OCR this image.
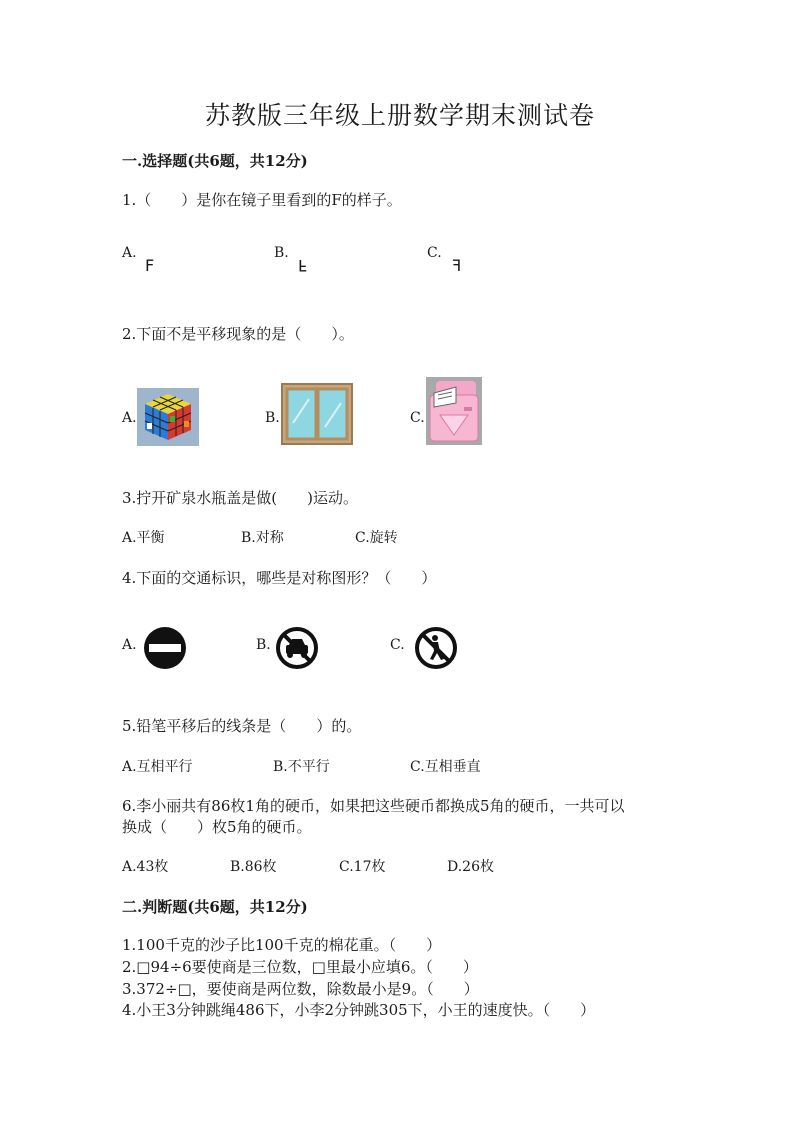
苏教版三年级上册数学期末测试卷
一.选择题(共6题，共12分)
1.（　　）是你在镜子里看到的F的样子。
A.
F
B.
F
C.
F
2.下面不是平移现象的是（　　）。
A.	B.	C.
3.拧开矿泉水瓶盖是做(　　)运动。
A.平衡	B.对称	C.旋转
4.下面的交通标识，哪些是对称图形？（　　）
A.	B.	C.
5.铅笔平移后的线条是（　　）的。
A.互相平行	B.不平行	C.互相垂直
6.李小丽共有86枚1角的硬币，如果把这些硬币都换成5角的硬币，一共可以
换成（　　）枚5角的硬币。
A.43枚	B.86枚	C.17枚	D.26枚
二.判断题(共6题，共12分)
1.100千克的沙子比100千克的棉花重。（　　）
2.□94÷6要使商是三位数，□里最小应填6。（　　）
3.372÷□，要使商是两位数，除数最小是9。（　　）
4.小王3分钟跳绳486下，小李2分钟跳305下，小王的速度快。（　　）
